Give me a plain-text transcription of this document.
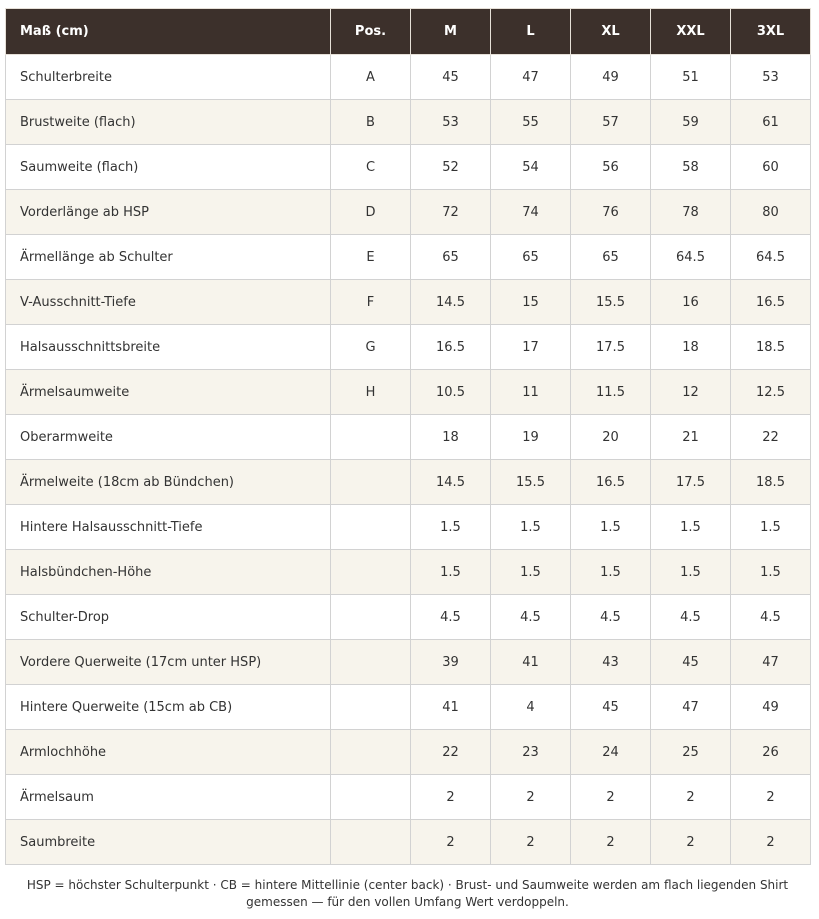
Maß (cm)	Pos.	M	L	XL	XXL	3XL
Schulterbreite	A	45	47	49	51	53
Brustweite (flach)	B	53	55	57	59	61
Saumweite (flach)	C	52	54	56	58	60
Vorderlänge ab HSP	D	72	74	76	78	80
Ärmellänge ab Schulter	E	65	65	65	64.5	64.5
V-Ausschnitt-Tiefe	F	14.5	15	15.5	16	16.5
Halsausschnittsbreite	G	16.5	17	17.5	18	18.5
Ärmelsaumweite	H	10.5	11	11.5	12	12.5
Oberarmweite		18	19	20	21	22
Ärmelweite (18cm ab Bündchen)		14.5	15.5	16.5	17.5	18.5
Hintere Halsausschnitt-Tiefe		1.5	1.5	1.5	1.5	1.5
Halsbündchen-Höhe		1.5	1.5	1.5	1.5	1.5
Schulter-Drop		4.5	4.5	4.5	4.5	4.5
Vordere Querweite (17cm unter HSP)		39	41	43	45	47
Hintere Querweite (15cm ab CB)		41	4	45	47	49
Armlochhöhe		22	23	24	25	26
Ärmelsaum		2	2	2	2	2
Saumbreite		2	2	2	2	2
HSP = höchster Schulterpunkt · CB = hintere Mittellinie (center back) · Brust- und Saumweite werden am flach liegenden Shirt
gemessen — für den vollen Umfang Wert verdoppeln.
